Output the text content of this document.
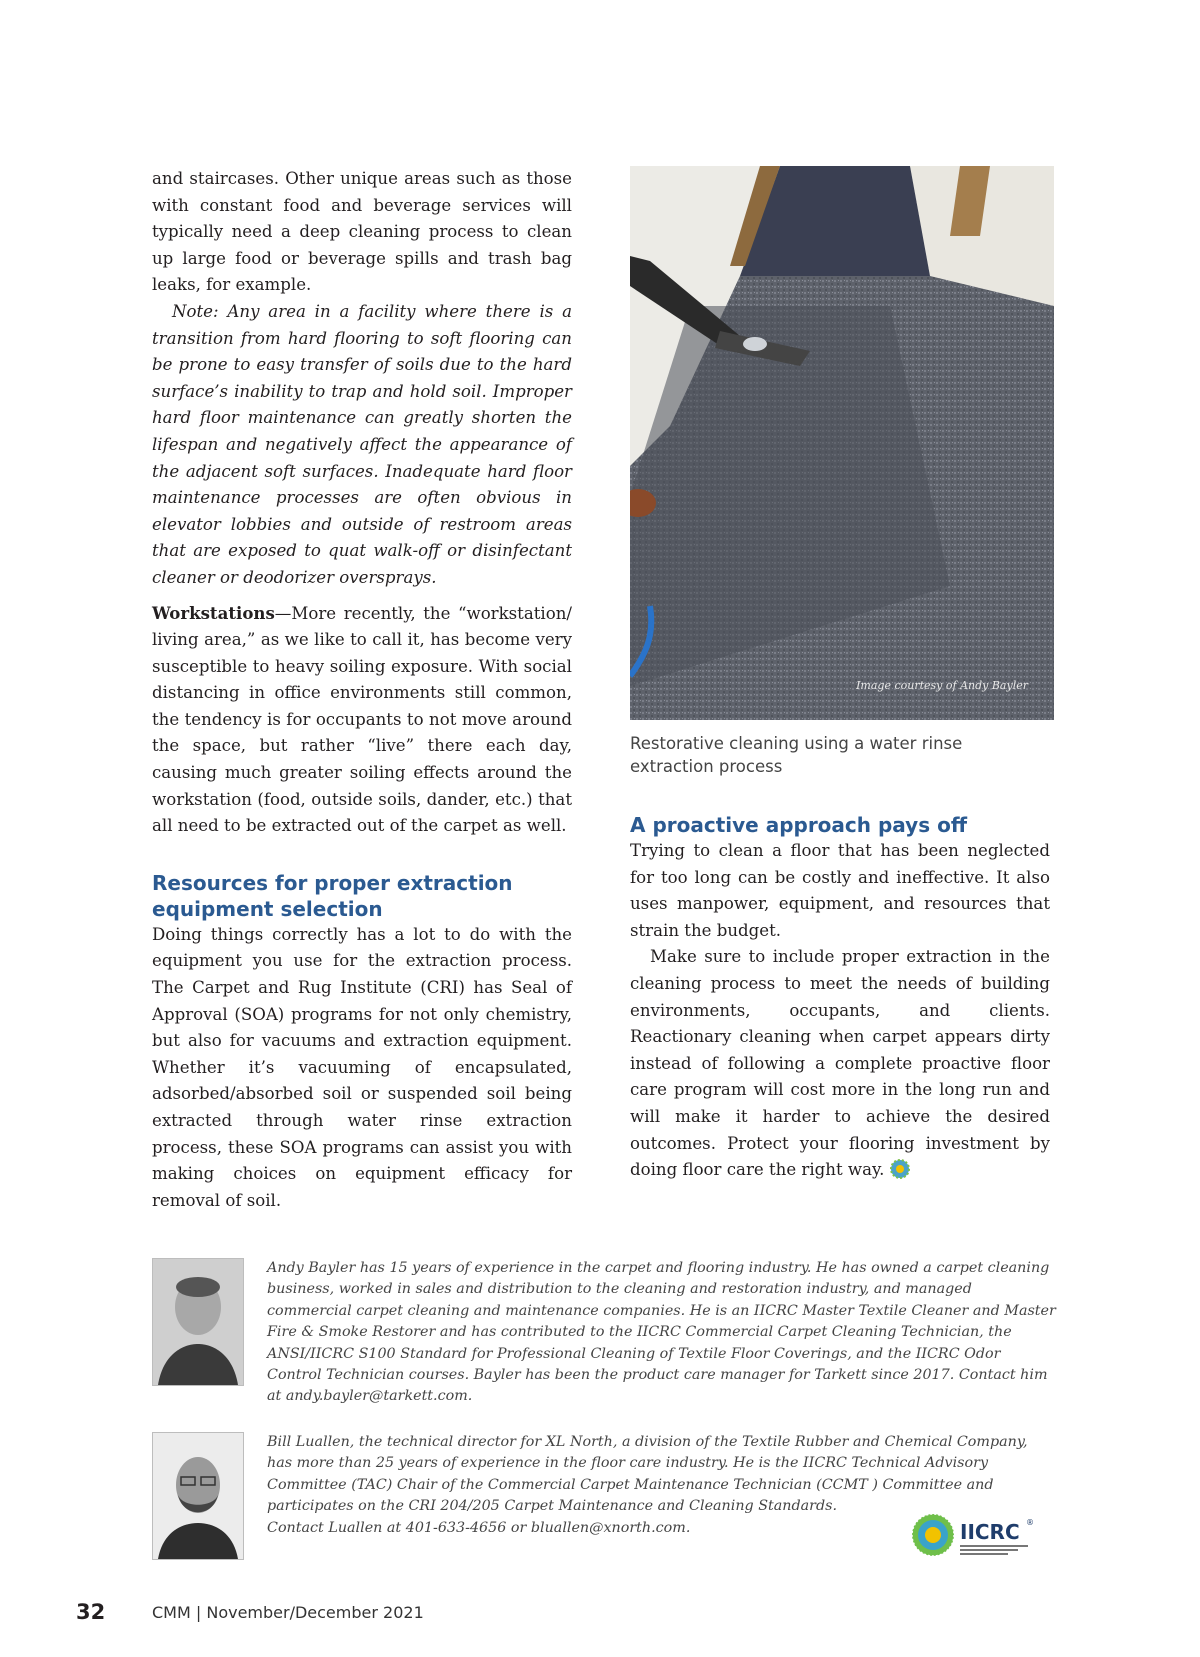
and staircases. Other unique areas such as those with constant food and beverage services will typically need a deep cleaning process to clean up large food or beverage spills and trash bag leaks, for example.

Note: Any area in a facility where there is a transition from hard flooring to soft flooring can be prone to easy transfer of soils due to the hard surface’s inability to trap and hold soil. Improper hard floor maintenance can greatly shorten the lifespan and negatively affect the appearance of the adjacent soft surfaces. Inadequate hard floor maintenance processes are often obvious in elevator lobbies and outside of restroom areas that are exposed to quat walk-off or disinfectant cleaner or deodorizer oversprays.

Workstations—More recently, the “workstation/ living area,” as we like to call it, has become very susceptible to heavy soiling exposure. With social distancing in office environments still common, the tendency is for occupants to not move around the space, but rather “live” there each day, causing much greater soiling effects around the workstation (food, outside soils, dander, etc.) that all need to be extracted out of the carpet as well.

Resources for proper extraction equipment selection

Doing things correctly has a lot to do with the equipment you use for the extraction process. The Carpet and Rug Institute (CRI) has Seal of Approval (SOA) programs for not only chemistry, but also for vacuums and extraction equipment. Whether it’s vacuuming of encapsulated, adsorbed/absorbed soil or suspended soil being extracted through water rinse extraction process, these SOA programs can assist you with making choices on equipment efficacy for removal of soil.

Image courtesy of Andy Bayler
Restorative cleaning using a water rinse extraction process
A proactive approach pays off

Trying to clean a floor that has been neglected for too long can be costly and ineffective. It also uses manpower, equipment, and resources that strain the budget.

Make sure to include proper extraction in the cleaning process to meet the needs of building environments, occupants, and clients. Reactionary cleaning when carpet appears dirty instead of following a complete proactive floor care program will cost more in the long run and will make it harder to achieve the desired outcomes. Protect your flooring investment by doing floor care the right way.

Andy Bayler has 15 years of experience in the carpet and flooring industry. He has owned a carpet cleaning business, worked in sales and distribution to the cleaning and restoration industry, and managed commercial carpet cleaning and maintenance companies. He is an IICRC Master Textile Cleaner and Master Fire & Smoke Restorer and has contributed to the IICRC Commercial Carpet Cleaning Technician, the ANSI/IICRC S100 Standard for Professional Cleaning of Textile Floor Coverings, and the IICRC Odor Control Technician courses. Bayler has been the product care manager for Tarkett since 2017. Contact him at andy.bayler@tarkett.com.
Bill Luallen, the technical director for XL North, a division of the Textile Rubber and Chemical Company, has more than 25 years of experience in the floor care industry. He is the IICRC Technical Advisory Committee (TAC) Chair of the Commercial Carpet Maintenance Technician (CCMT ) Committee and participates on the CRI 204/205 Carpet Maintenance and Cleaning Standards.
Contact Luallen at 401-633-4656 or bluallen@xnorth.com.	IICRC ®
32	CMM | November/December 2021
